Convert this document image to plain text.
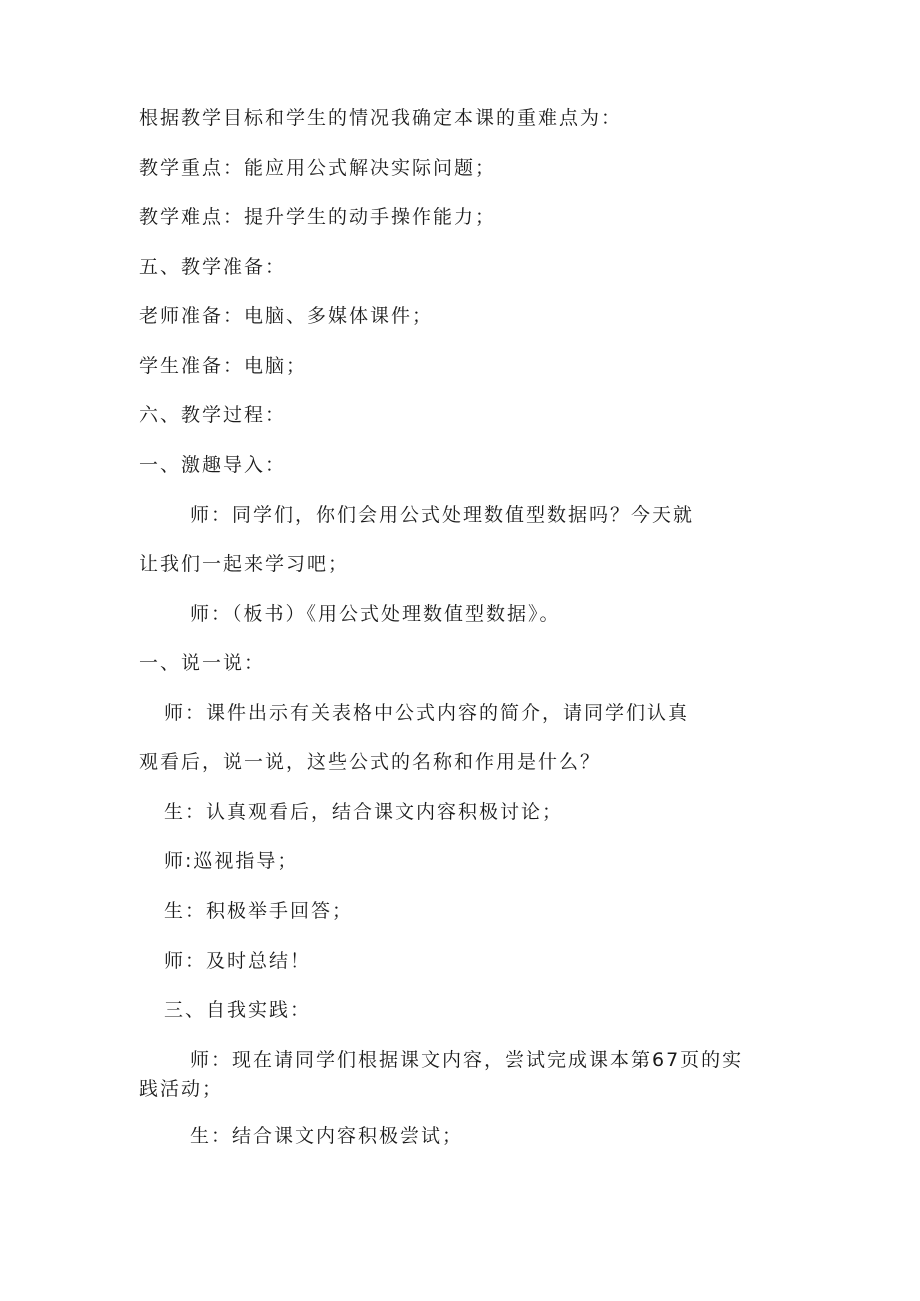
根据教学目标和学生的情况我确定本课的重难点为：
教学重点：能应用公式解决实际问题；
教学难点：提升学生的动手操作能力；
五、教学准备：
老师准备：电脑、多媒体课件；
学生准备：电脑；
六、教学过程：
一、激趣导入：
师：同学们，你们会用公式处理数值型数据吗？今天就
让我们一起来学习吧；
师：（板书）《用公式处理数值型数据》。
一、说一说：
师：课件出示有关表格中公式内容的简介，请同学们认真
观看后，说一说，这些公式的名称和作用是什么？
生：认真观看后，结合课文内容积极讨论；
师:巡视指导；
生：积极举手回答；
师：及时总结！
三、自我实践：
师：现在请同学们根据课文内容，尝试完成课本第67页的实
践活动；
生：结合课文内容积极尝试；
